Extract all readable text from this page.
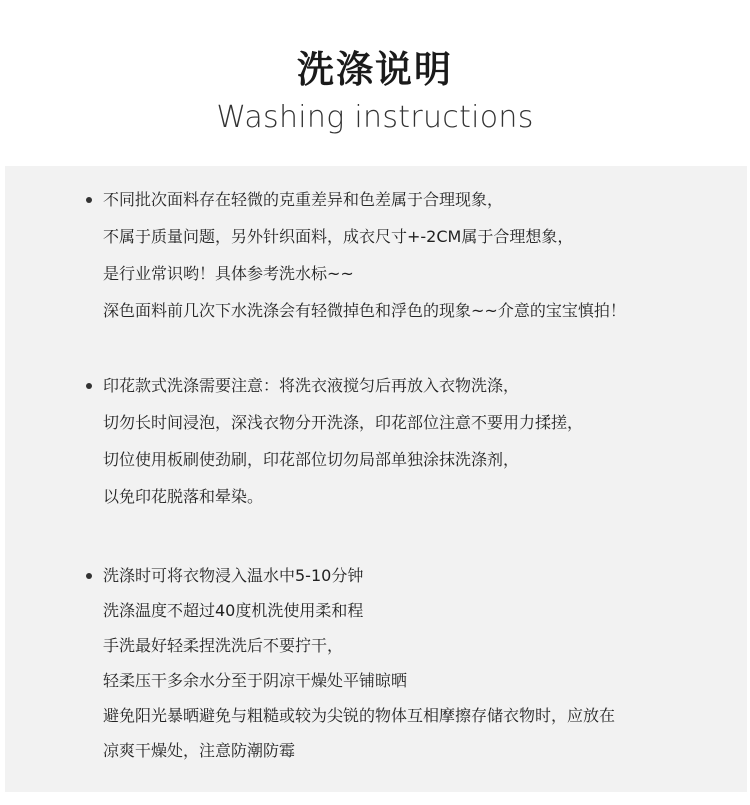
洗涤说明
Washing instructions
不同批次面料存在轻微的克重差异和色差属于合理现象，
不属于质量问题，另外针织面料，成衣尺寸+-2CM属于合理想象，
是行业常识哟！具体参考洗水标~~
深色面料前几次下水洗涤会有轻微掉色和浮色的现象~~介意的宝宝慎拍！
印花款式洗涤需要注意：将洗衣液搅匀后再放入衣物洗涤，
切勿长时间浸泡，深浅衣物分开洗涤，印花部位注意不要用力揉搓，
切位使用板刷使劲刷，印花部位切勿局部单独涂抹洗涤剂，
以免印花脱落和晕染。
洗涤时可将衣物浸入温水中5-10分钟
洗涤温度不超过40度机洗使用柔和程
手洗最好轻柔捏洗洗后不要拧干，
轻柔压干多余水分至于阴凉干燥处平铺晾晒
避免阳光暴晒避免与粗糙或较为尖锐的物体互相摩擦存储衣物时，应放在
凉爽干燥处，注意防潮防霉
